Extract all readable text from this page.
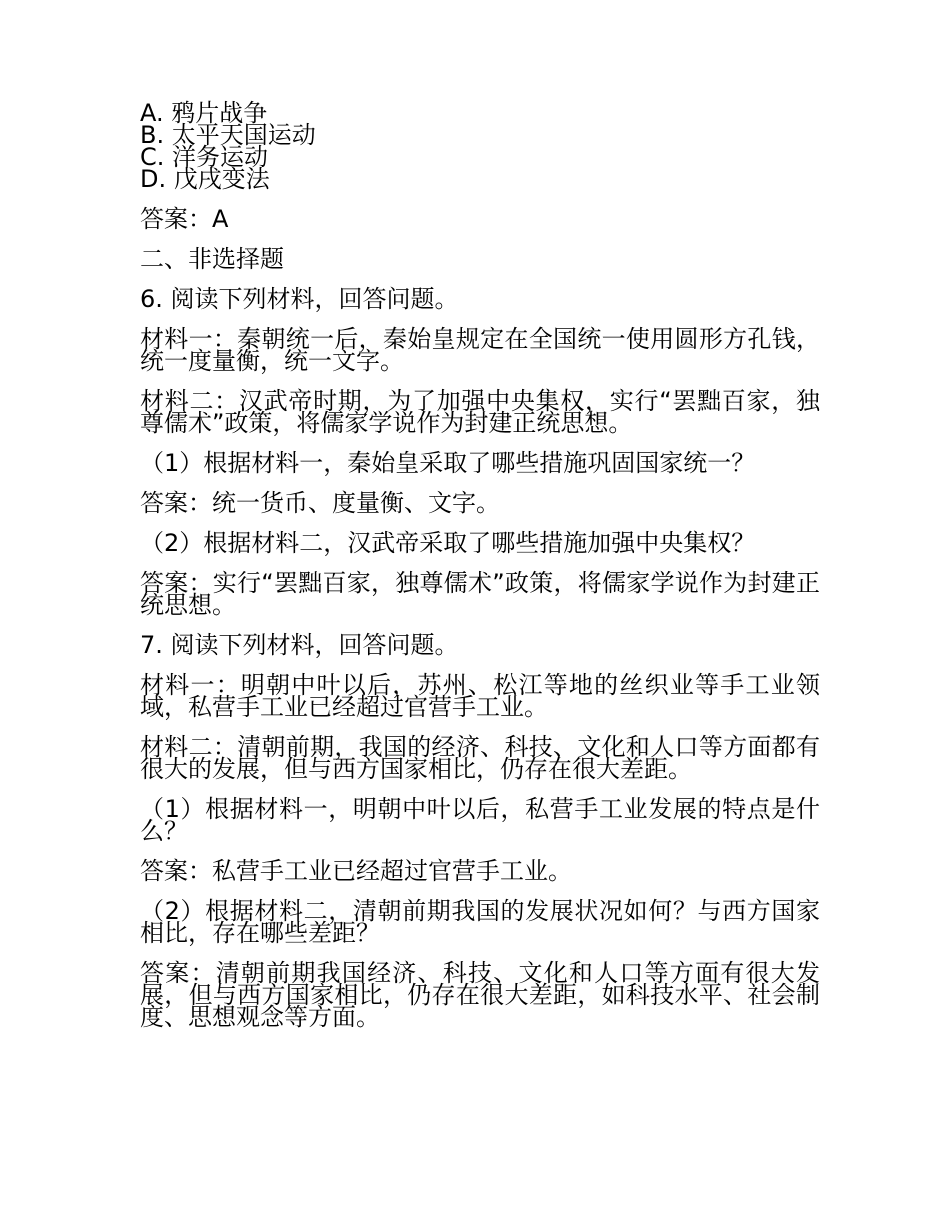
A. 鸦片战争
B. 太平天国运动
C. 洋务运动
D. 戊戌变法

答案：A

二、非选择题

6. 阅读下列材料，回答问题。

材料一：秦朝统一后，秦始皇规定在全国统一使用圆形方孔钱，统一度量衡，统一文字。

材料二：汉武帝时期，为了加强中央集权，实行“罢黜百家，独尊儒术”政策，将儒家学说作为封建正统思想。

（1）根据材料一，秦始皇采取了哪些措施巩固国家统一？

答案：统一货币、度量衡、文字。

（2）根据材料二，汉武帝采取了哪些措施加强中央集权？

答案：实行“罢黜百家，独尊儒术”政策，将儒家学说作为封建正统思想。

7. 阅读下列材料，回答问题。

材料一：明朝中叶以后，苏州、松江等地的丝织业等手工业领域，私营手工业已经超过官营手工业。

材料二：清朝前期，我国的经济、科技、文化和人口等方面都有很大的发展，但与西方国家相比，仍存在很大差距。

（1）根据材料一，明朝中叶以后，私营手工业发展的特点是什么？

答案：私营手工业已经超过官营手工业。

（2）根据材料二，清朝前期我国的发展状况如何？与西方国家相比，存在哪些差距？

答案：清朝前期我国经济、科技、文化和人口等方面有很大发展，但与西方国家相比，仍存在很大差距，如科技水平、社会制度、思想观念等方面。
